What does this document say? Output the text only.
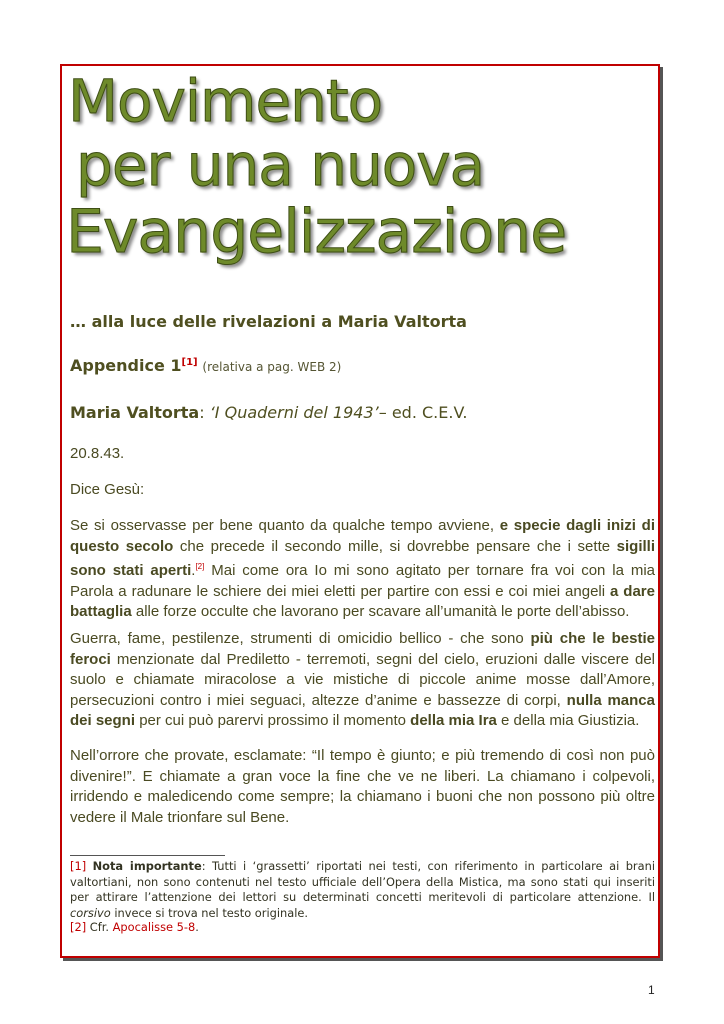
Movimento
per una nuova
Evangelizzazione
… alla luce delle rivelazioni a Maria Valtorta
Appendice 1[1] (relativa a pag. WEB 2)
Maria Valtorta: ‘I Quaderni del 1943’– ed. C.E.V.
20.8.43.
Dice Gesù:
Se si osservasse per bene quanto da qualche tempo avviene, e specie dagli inizi di questo secolo che precede il secondo mille, si dovrebbe pensare che i sette sigilli sono stati aperti.[2] Mai come ora Io mi sono agitato per tornare fra voi con la mia Parola a radunare le schiere dei miei eletti per partire con essi e coi miei angeli a dare battaglia alle forze occulte che lavorano per scavare all’umanità le porte dell’abisso.
Guerra, fame, pestilenze, strumenti di omicidio bellico - che sono più che le bestie feroci menzionate dal Prediletto - terremoti, segni del cielo, eruzioni dalle viscere del suolo e chiamate miracolose a vie mistiche di piccole anime mosse dall’Amore, persecuzioni contro i miei seguaci, altezze d’anime e bassezze di corpi, nulla manca dei segni per cui può parervi prossimo il momento della mia Ira e della mia Giustizia.
Nell’orrore che provate, esclamate: “Il tempo è giunto; e più tremendo di così non può divenire!”. E chiamate a gran voce la fine che ve ne liberi. La chiamano i colpevoli, irridendo e maledicendo come sempre; la chiamano i buoni che non possono più oltre vedere il Male trionfare sul Bene.
[1] Nota importante: Tutti i ‘grassetti’ riportati nei testi, con riferimento in particolare ai brani valtortiani, non sono contenuti nel testo ufficiale dell’Opera della Mistica, ma sono stati qui inseriti per attirare l’attenzione dei lettori su determinati concetti meritevoli di particolare attenzione. Il corsivo invece si trova nel testo originale.
[2] Cfr. Apocalisse 5-8.
1
